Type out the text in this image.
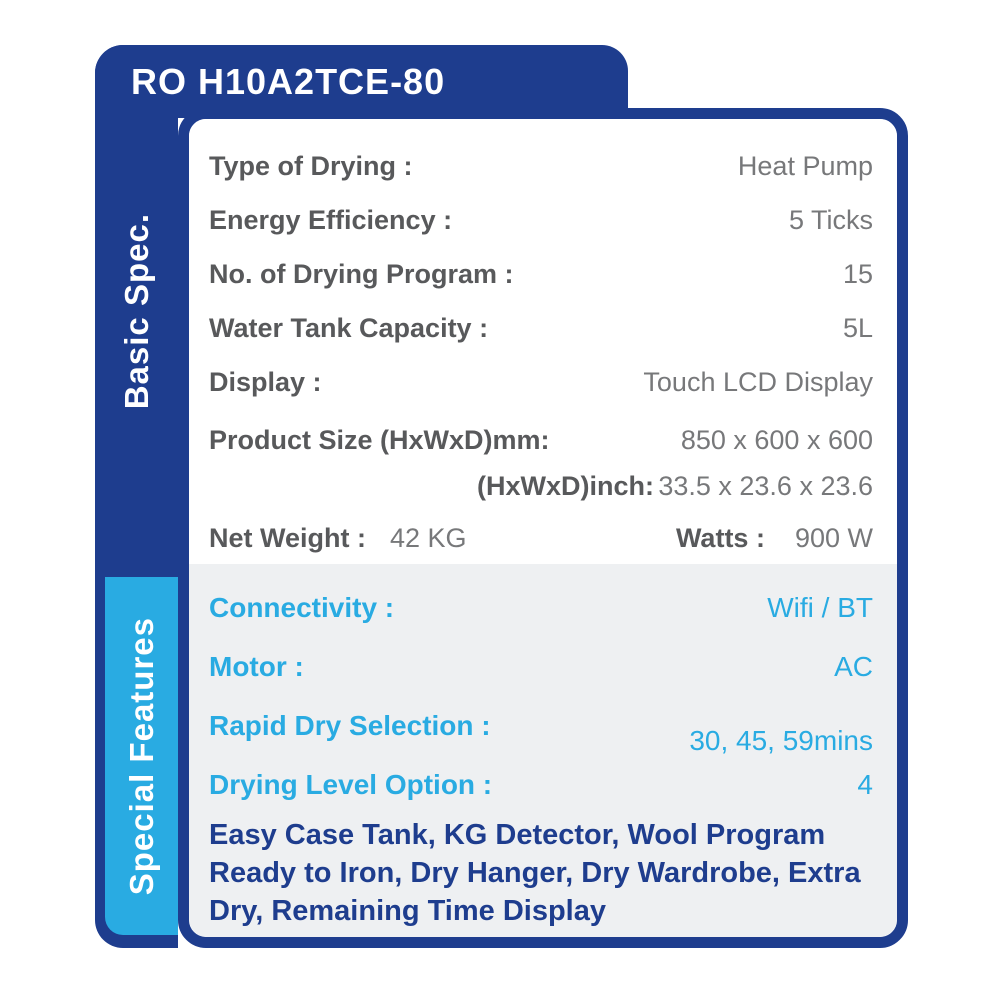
Basic Spec.
Special Features
Type of Drying :	Heat Pump
Energy Efficiency :	5 Ticks
No. of Drying Program :	15
Water Tank Capacity :	5L
Display :	Touch LCD Display
Product Size (HxWxD)mm:	850 x 600 x 600
(HxWxD)inch: 33.5 x 23.6 x 23.6
Net Weight : 42 KG	Watts : 900 W
Connectivity :	Wifi / BT
Motor :	AC
Rapid Dry Selection :	30, 45, 59mins
Drying Level Option :	4
Easy Case Tank, KG Detector, Wool Program Ready to Iron, Dry Hanger, Dry Wardrobe, Extra Dry, Remaining Time Display
RO H10A2TCE-80
